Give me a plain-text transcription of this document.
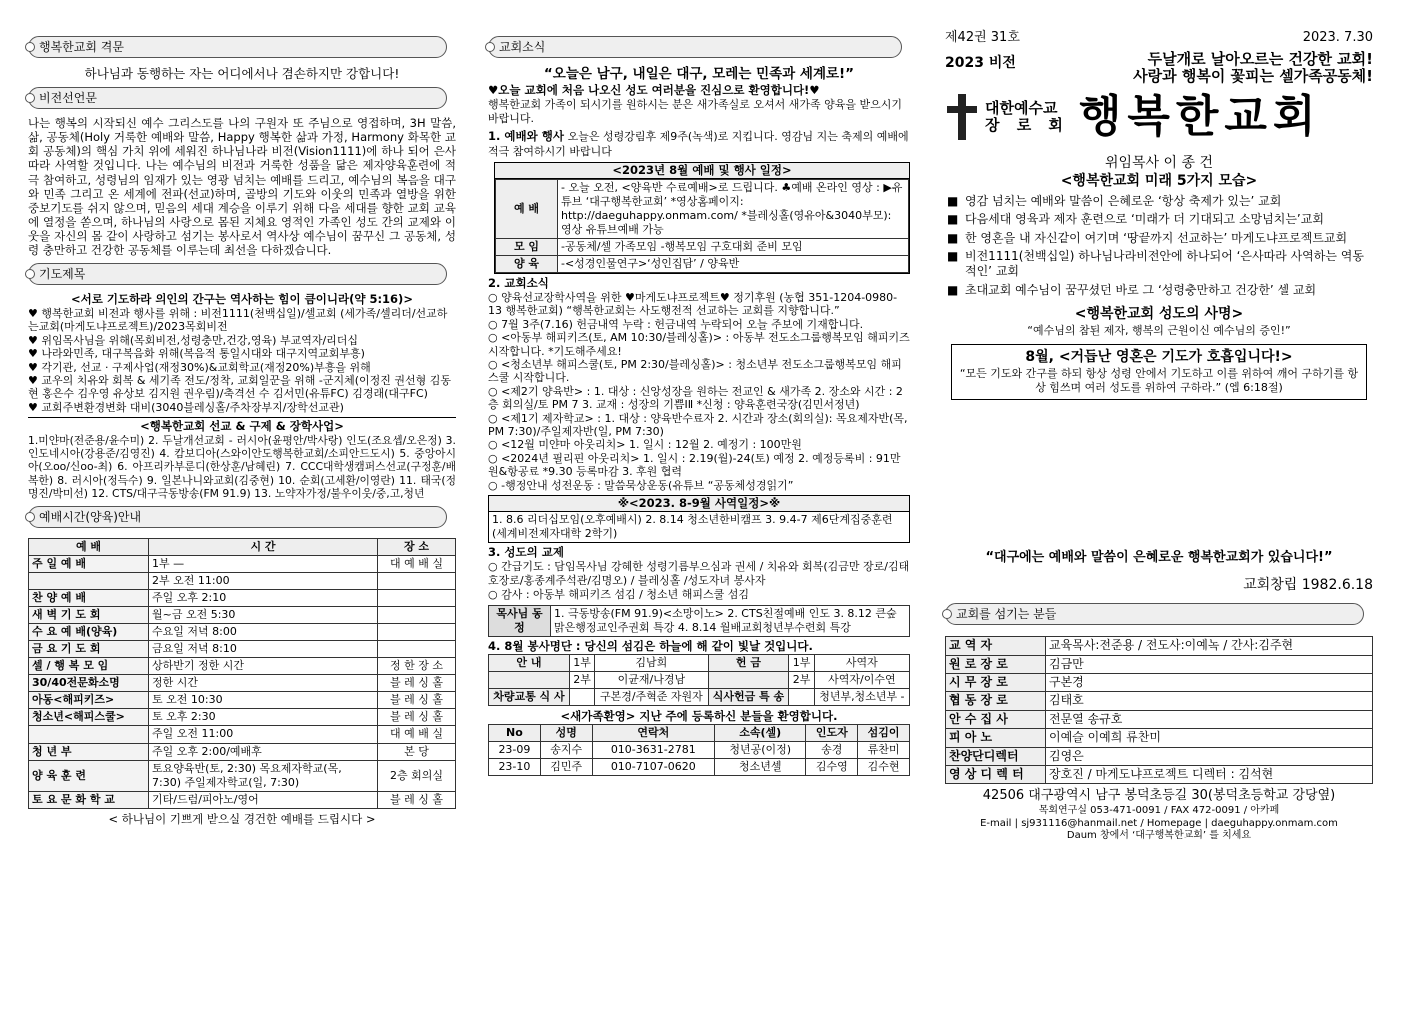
행복한교회 격문

하나님과 동행하는 자는 어디에서나 겸손하지만 강합니다!

비전선언문

나는 행복의 시작되신 예수 그리스도를 나의 구원자 또 주님으로 영접하며, 3H 말씀, 삶, 공동체(Holy 거룩한 예배와 말씀, Happy 행복한 삶과 가정, Harmony 화목한 교회 공동체)의 핵심 가치 위에 세워진 하나님나라 비전(Vision1111)에 하나 되어 은사 따라 사역할 것입니다. 나는 예수님의 비전과 거룩한 성품을 닮은 제자양육훈련에 적극 참여하고, 성령님의 임재가 있는 영광 넘치는 예배를 드리고, 예수님의 복음을 대구와 민족 그리고 온 세계에 전파(선교)하며, 골방의 기도와 이웃의 민족과 열방을 위한 중보기도를 쉬지 않으며, 믿음의 세대 계승을 이루기 위해 다음 세대를 향한 교회 교육에 열정을 쏟으며, 하나님의 사랑으로 몸된 지체요 영적인 가족인 성도 간의 교제와 이웃을 자신의 몸 같이 사랑하고 섬기는 봉사로서 역사상 예수님이 꿈꾸신 그 공동체, 성령 충만하고 건강한 공동체를 이루는데 최선을 다하겠습니다.

기도제목

<서로 기도하라 의인의 간구는 역사하는 힘이 큼이니라(약 5:16)>

♥ 행복한교회 비전과 행사를 위해 : 비전1111(천백십일)/셀교회 (세가족/셀리더/선교하는교회(마게도냐프로젝트)/2023목회비전

♥ 위임목사님을 위해(목회비전,성령충만,건강,영육) 부교역자/리더십

♥ 나라와민족, 대구복음화 위해(복음적 통일시대와 대구지역교회부흥)

♥ 각기관, 선교 · 구제사업(재정30%)&교회학교(재정20%)부흥을 위해

♥ 교우의 치유와 회복 & 세기족 전도/정착, 교회일꾼을 위해 -군지체(이정진 권선형 김동현 홍은수 김우영 유상보 김지원 권우림)/축격선 수 김서민(유튜FC) 김경래(대구FC)

♥ 교회주변환경변화 대비(3040블레싱홀/주차장부지/장학선교관)

<행복한교회 선교 & 구제 & 장학사업>

1.미얀마(전준용/윤수미) 2. 두날개선교회 - 러시아(윤평안/박사랑) 인도(조요셉/오은정) 3. 인도네시아(강용준/김영진) 4. 캄보디아(스와이안도행복한교회/소피안드도시) 5. 중앙아시아(오oo/신oo-최) 6. 아프리카부룬디(한상훈/남혜린) 7. CCC대학생캠퍼스선교(구정훈/배복한) 8. 러시아(정득수) 9. 일본나니와교회(김중현) 10. 순회(고세환/이영란) 11. 태국(정명진/박미선) 12. CTS/대구극동방송(FM 91.9) 13. 노약자가정/불우이웃/중,고,청년

예배시간(양육)안내
예 배	시 간	장 소
주 일 예 배	1부 —	대 예 배 실
	2부 오전 11:00	
찬 양 예 배	주일 오후 2:10	
새 벽 기 도 회	월~금 오전 5:30	
수 요 예 배(양육)	수요일 저녁 8:00	
금 요 기 도 회	금요일 저녁 8:10	
셀 / 행 복 모 임	상하반기 정한 시간	정 한 장 소
30/40전문화소명	정한 시간	블 레 싱 홀
아동<해피키즈>	토 오전 10:30	블 레 싱 홀
청소년<해피스쿨>	토 오후 2:30	블 레 싱 홀
	주일 오전 11:00	대 예 배 실
청 년 부	주일 오후 2:00/예배후	본 당
양 육 훈 련	토요양육반(토, 2:30) 목요제자학교(목, 7:30) 주일제자학교(일, 7:30)	2층 회의실
토 요 문 화 학 교	기타/드럼/피아노/영어	블 레 싱 홀

< 하나님이 기쁘게 받으실 경건한 예배를 드립시다 >

교회소식

“오늘은 남구, 내일은 대구, 모레는 민족과 세계로!”

♥오늘 교회에 처음 나오신 성도 여러분을 진심으로 환영합니다!♥

행복한교회 가족이 되시기를 원하시는 분은 새가족실로 오셔서 새가족 양육을 받으시기 바랍니다.

1. 예배와 행사 오늘은 성령강림후 제9주(녹색)로 지킵니다. 영감님 지는 축제의 예배에 적극 참여하시기 바랍니다

<2023년 8월 예배 및 행사 일정>

예 배	- 오늘 오전, <양육반 수료예배>로 드립니다. ♣예배 온라인 영상 : ▶유튜브 ‘대구행복한교회’ *영상홈페이지: http://daeguhappy.onmam.com/ *블레싱홀(영유아&3040부모): 영상 유튜브예배 가능
모 임	-공동체/셀 가족모임 -행복모임 구호대회 준비 모임
양 육	-<성경인물연구>‘성인집담’ / 양육반

2. 교회소식

○ 양육선교장학사역을 위한 ♥마게도냐프로젝트♥ 정기후원 (농협 351-1204-0980-13 행복한교회) “행복한교회는 사도행전적 선교하는 교회를 지향합니다.”

○ 7월 3주(7.16) 헌금내역 누락 : 헌금내역 누락되어 오늘 주보에 기재합니다.

○ <아동부 해피키즈(토, AM 10:30/블레싱홀)> : 아동부 전도소그룹행복모임 해피키즈 시작합니다. *기도해주세요!

○ <청소년부 해피스쿨(토, PM 2:30/블레싱홀)> : 청소년부 전도소그룹행복모임 해피스쿨 시작합니다.

○ <제2기 양육반> : 1. 대상 : 신앙성장을 원하는 전교인 & 새가족 2. 장소와 시간 : 2층 회의실/토 PM 7 3. 교재 : 성장의 기쁨ⅠⅡ *신청 : 양육훈련국장(김민서정년)

○ <제1기 제자학교> : 1. 대상 : 양육반수료자 2. 시간과 장소(회의실): 목요제자반(목, PM 7:30)/주일제자반(일, PM 7:30)

○ <12월 미얀마 아웃리치> 1. 일시 : 12월 2. 예정기 : 100만원

○ <2024년 필리핀 아웃리치> 1. 일시 : 2.19(월)-24(토) 예정 2. 예정등록비 : 91만원&항공료 *9.30 등록마감 3. 후원 협력

○ -행정안내 성전운동 : 말씀묵상운동(유튜브 “공동체성경읽기”

※<2023. 8-9월 사역일정>※

1. 8.6 리더십모임(오후예배시) 2. 8.14 청소년한비캠프 3. 9.4-7 제6단계집중훈련(세계비전제자대학 2학기)

3. 성도의 교제

○ 간급기도 : 담임목사님 강혜한 성령기름부으심과 권세 / 치유와 회복(김금만 장로/김태호장로/홍종계주석관/김명오) / 블레싱홀 /성도자녀 봉사자

○ 감사 : 아동부 해피키즈 섬김 / 청소년 해피스쿨 섬김

목사님 동 정	1. 극동방송(FM 91.9)<소망이노> 2. CTS친절예배 인도 3. 8.12 큰숲맑은행정교인주권회 특강 4. 8.14 월배교회청년부수련회 특강

4. 8월 봉사명단 : 당신의 섬김은 하늘에 해 같이 빛날 것입니다.

안 내	1부	김남희	헌 금	1부	사역자
	2부	이균재/나경남		2부	사역자/이수연
차량교통 식 사		구본경/주혁준 자원자	식사헌금 특 송		청년부,청소년부 -

<새가족환영> 지난 주에 등록하신 분들을 환영합니다.

No	성명	연락처	소속(셀)	인도자	섬김이
23-09	송지수	010-3631-2781	청년공(이정)	송경	류찬미
23-10	김민주	010-7107-0620	청소년셀	김수영	김수현
제42권 31호	2023. 7.30
2023 비전	두날개로 날아오르는 건강한 교회!
사랑과 행복이 꽃피는 셀가족공동체!
대한예수교
장 로 회 행복한교회

위임목사 이 종 건

<행복한교회 미래 5가지 모습>

■ 영감 넘치는 예배와 말씀이 은혜로운 ‘항상 축제가 있는’ 교회
■ 다음세대 영육과 제자 훈련으로 ‘미래가 더 기대되고 소망넘치는’교회
■ 한 영혼을 내 자신같이 여기며 ‘땅끝까지 선교하는’ 마게도냐프로젝트교회
■ 비전1111(천백십일) 하나님나라비전안에 하나되어 ‘은사따라 사역하는 역동적인’ 교회
■ 초대교회 예수님이 꿈꾸셨던 바로 그 ‘성령충만하고 건강한’ 셀 교회

<행복한교회 성도의 사명>

“예수님의 참된 제자, 행복의 근원이신 예수님의 증인!”

8월, <거듭난 영혼은 기도가 호흡입니다!>

“모든 기도와 간구를 하되 항상 성령 안에서 기도하고 이를 위하여 깨어 구하기를 항상 힘쓰며 여러 성도를 위하여 구하라.” (엡 6:18절)

“대구에는 예배와 말씀이 은혜로운 행복한교회가 있습니다!”

교회창립 1982.6.18

교회를 섬기는 분들
교 역 자	교육목사:전준용 / 전도사:이예녹 / 간사:김주현
원 로 장 로	김금만
시 무 장 로	구본경
협 동 장 로	김태호
안 수 집 사	전문열 송규호
피 아 노	이예슬 이예희 류찬미
찬양단디렉터	김영은
영 상 디 렉 터	장호진 / 마게도냐프로젝트 디렉터 : 김석현

42506 대구광역시 남구 봉덕초등길 30(봉덕초등학교 강당옆)

목회연구실 053-471-0091 / FAX 472-0091 / 아카페

E-mail | sj931116@hanmail.net / Homepage | daeguhappy.onmam.com

Daum 창에서 ‘대구행복한교회’ 를 치세요
